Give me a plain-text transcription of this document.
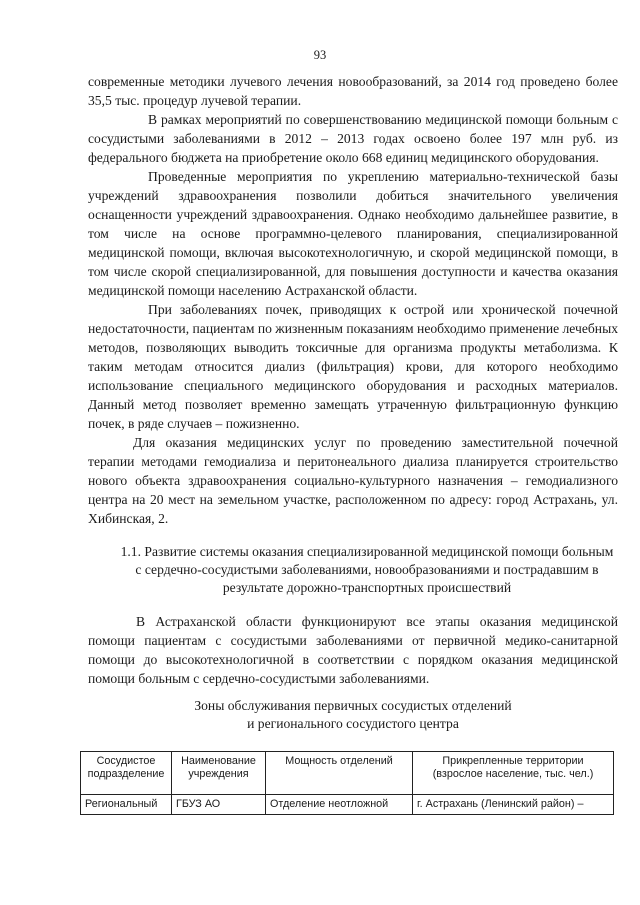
93

современные методики лучевого лечения новообразований, за 2014 год проведено более 35,5 тыс. процедур лучевой терапии.

В рамках мероприятий по совершенствованию медицинской помощи больным с сосудистыми заболеваниями в 2012 – 2013 годах освоено более 197 млн руб. из федерального бюджета на приобретение около 668 единиц медицинского оборудования.

Проведенные мероприятия по укреплению материально-технической базы учреждений здравоохранения позволили добиться значительного увеличения оснащенности учреждений здравоохранения. Однако необходимо дальнейшее развитие, в том числе на основе программно-целевого планирования, специализированной медицинской помощи, включая высокотехнологичную, и скорой медицинской помощи, в том числе скорой специализированной, для повышения доступности и качества оказания медицинской помощи населению Астраханской области.

При заболеваниях почек, приводящих к острой или хронической почечной недостаточности, пациентам по жизненным показаниям необходимо применение лечебных методов, позволяющих выводить токсичные для организма продукты метаболизма. К таким методам относится диализ (фильтрация) крови, для которого необходимо использование специального медицинского оборудования и расходных материалов. Данный метод позволяет временно замещать утраченную фильтрационную функцию почек, в ряде случаев – пожизненно.

Для оказания медицинских услуг по проведению заместительной почечной терапии методами гемодиализа и перитонеального диализа планируется строительство нового объекта здравоохранения социально-культурного назначения – гемодиализного центра на 20 мест на земельном участке, расположенном по адресу: город Астрахань, ул. Хибинская, 2.

1.1. Развитие системы оказания специализированной медицинской помощи больным с сердечно-сосудистыми заболеваниями, новообразованиями и пострадавшим в результате дорожно-транспортных происшествий
В Астраханской области функционируют все этапы оказания медицинской помощи пациентам с сосудистыми заболеваниями от первичной медико-санитарной помощи до высокотехнологичной в соответствии с порядком оказания медицинской помощи больным с сердечно-сосудистыми заболеваниями.
Зоны обслуживания первичных сосудистых отделений
и регионального сосудистого центра
Сосудистое подразделение	Наименование учреждения	Мощность отделений	Прикрепленные территории (взрослое население, тыс. чел.)
Региональный	ГБУЗ АО	Отделение неотложной	г. Астрахань (Ленинский район) –
